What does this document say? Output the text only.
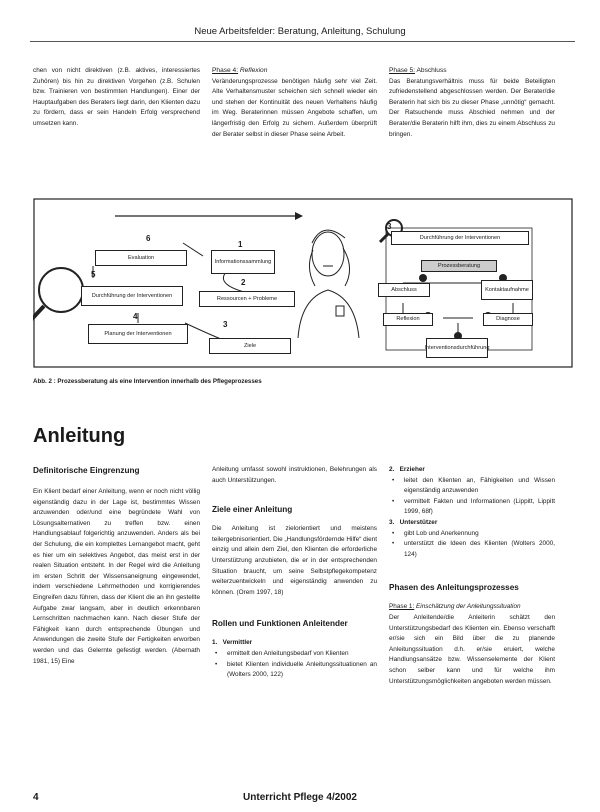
Neue Arbeitsfelder: Beratung, Anleitung, Schulung

chen von nicht direktiven (z.B. aktives, interessiertes Zuhören) bis hin zu direktiven Vorgehen (z.B. Schulen bzw. Trainieren von bestimmten Handlungen). Einer der Hauptaufgaben des Beraters liegt darin, den Klienten dazu zu fördern, dass er sein Handeln Erfolg versprechend umsetzen kann.

Phase 4: Reflexion

Veränderungsprozesse benötigen häufig sehr viel Zeit. Alte Verhaltensmuster scheichen sich schnell wieder ein und stehen der Kontinuität des neuen Verhaltens häufig im Weg. Beraterinnen müssen Angebote schaffen, um längerfristig den Erfolg zu sichern. Außerdem überprüft der Berater selbst in dieser Phase seine Arbeit.

Phase 5: Abschluss

Das Beratungsverhältnis muss für beide Beteiligten zufriedenstellend abgeschlossen werden. Der Berater/die Beraterin hat sich bis zu dieser Phase „unnötig“ gemacht. Der Ratsuchende muss Abschied nehmen und der Berater/die Beraterin hilft ihm, dies zu einem Abschluss zu bringen.

Evaluation
Informationssammlung
Durchführung der Interventionen	Ressourcen + Probleme
Planung der Interventionen
Ziele
1
2
3
4
5
6	Durchführung der Interventionen
Prozessberatung
Abschluss	Kontaktaufnahme
Reflexion	Diagnose
Interventionsdurchführung
3
Abb. 2 : Prozessberatung als eine Intervention innerhalb des Pflegeprozesses
Anleitung
Definitorische Eingrenzung

Ein Klient bedarf einer Anleitung, wenn er noch nicht völlig eigenständig dazu in der Lage ist, bestimmtes Wissen anzuwenden oder/und eine begründete Wahl von Lösungsalternativen zu treffen bzw. einen Handlungsablauf folgerichtig anzuwenden. Anders als bei der Schulung, die ein komplettes Lernangebot macht, geht es hier um ein selektives Angebot, das meist erst in der realen Situation entsteht. In der Regel wird die Anleitung im ersten Schritt der Wissensaneignung eingewendet, indem verschiedene Lehrmethoden und korrigierendes Eingreifen dazu führen, dass der Klient die an ihn gestellte Aufgabe zwar langsam, aber in deutlich erkennbaren Lernschritten nachmachen kann. Nach dieser Stufe der Fähigkeit kann durch entsprechende Übungen und Anwendungen die zweite Stufe der Fertigkeiten erworben werden und das Gelernte gefestigt werden. (Abernath 1981, 15) Eine

Anleitung umfasst sowohl instruktionen, Belehrungen als auch Unterstützungen.

Ziele einer Anleitung

Die Anleitung ist zielorientiert und meistens teilergebnisorientiert. Die „Handlungsfördernde Hilfe“ dient einzig und allein dem Ziel, den Klienten die erforderliche Unterstützung anzubieten, die er in der entsprechenden Situation braucht, um seine Selbstpflegekompetenz weiterzuentwickeln und eigenständig anwenden zu können. (Orem 1997, 18)

Rollen und Funktionen Anleitender
1. Vermittler
• ermittelt den Anleitungsbedarf von Klienten
• bietet Klienten individuelle Anleitungssituationen an (Wolters 2000, 122)
2. Erzieher
• leitet den Klienten an, Fähigkeiten und Wissen eigenständig anzuwenden
• vermittelt Fakten und Informationen (Lippitt, Lippitt 1999, 68f)
3. Unterstützer
• gibt Lob und Anerkennung
• unterstützt die Ideen des Klienten (Wolters 2000, 124)
Phasen des Anleitungsprozesses

Phase 1: Einschätzung der Anleitungssituation

Der Anleitende/die Anleiterin schätzt den Unterstützungsbedarf des Klienten ein. Ebenso verschafft er/sie sich ein Bild über die zu planende Anleitungssituation d.h. er/sie eruiert, welche Handlungsansätze bzw. Wissenselemente der Klient schon selber kann und für welche ihm Unterstützungsmöglichkeiten angeboten werden müssen.

4	Unterricht Pflege 4/2002
